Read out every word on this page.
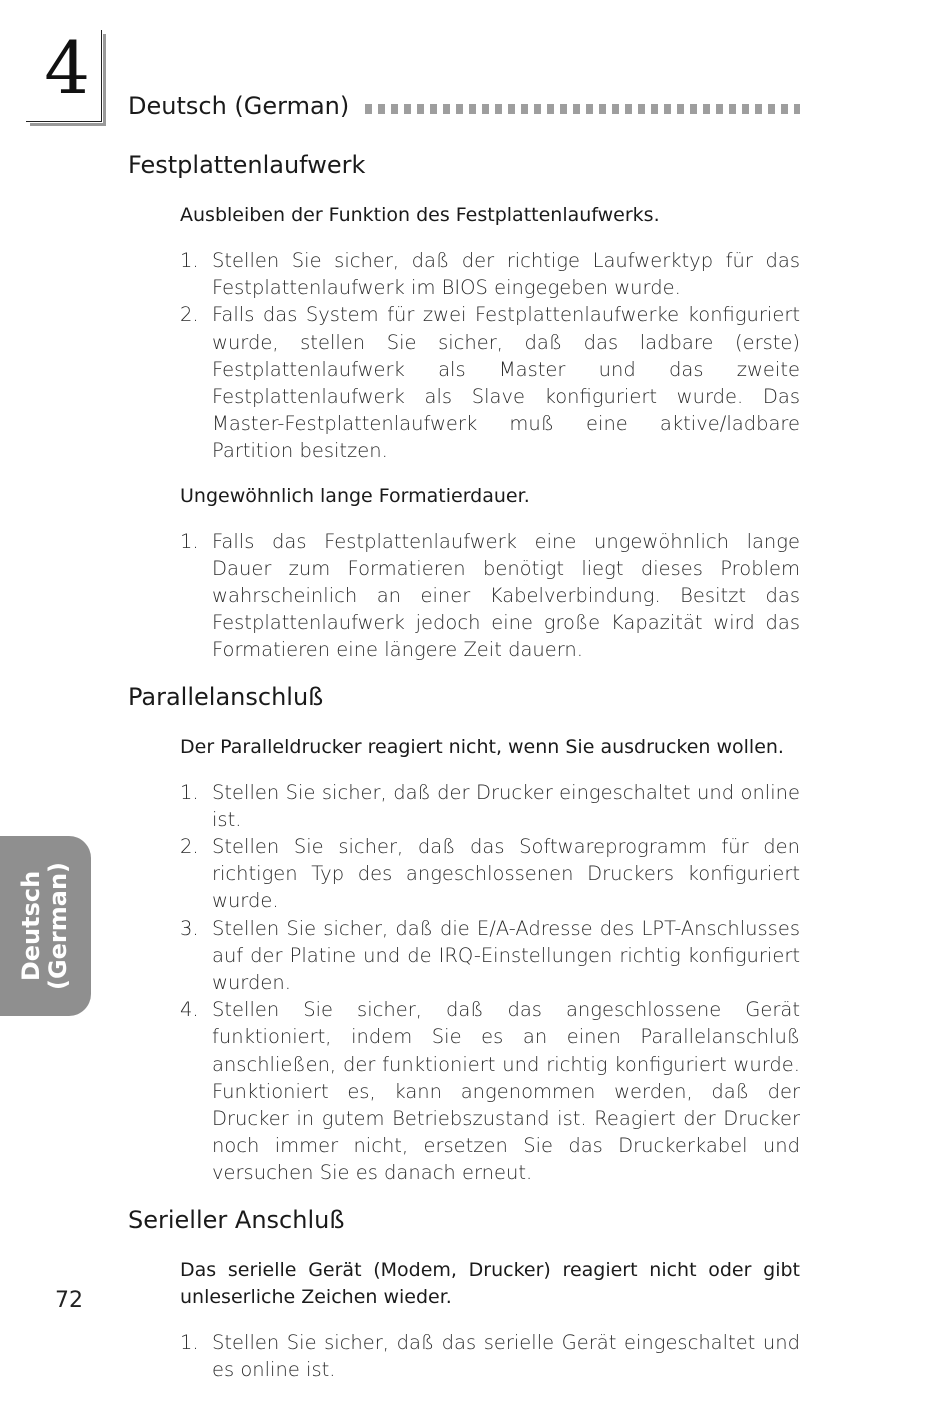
4 Deutsch (German)
Festplattenlaufwerk
Ausbleiben der Funktion des Festplattenlaufwerks.
1. Stellen Sie sicher, daß der richtige Laufwerktyp für das Festplattenlaufwerk im BIOS eingegeben wurde.
2. Falls das System für zwei Festplattenlaufwerke konfiguriert wurde, stellen Sie sicher, daß das ladbare (erste) Festplattenlaufwerk als Master und das zweite Festplattenlaufwerk als Slave konfiguriert wurde. Das Master-Festplattenlaufwerk muß eine aktive/ladbare Partition besitzen.
Ungewöhnlich lange Formatierdauer.
1. Falls das Festplattenlaufwerk eine ungewöhnlich lange Dauer zum Formatieren benötigt liegt dieses Problem wahrscheinlich an einer Kabelverbindung. Besitzt das Festplattenlaufwerk jedoch eine große Kapazität wird das Formatieren eine längere Zeit dauern.
Parallelanschluß
Der Paralleldrucker reagiert nicht, wenn Sie ausdrucken wollen.
1. Stellen Sie sicher, daß der Drucker eingeschaltet und online ist.
2. Stellen Sie sicher, daß das Softwareprogramm für den richtigen Typ des angeschlossenen Druckers konfiguriert wurde.
3. Stellen Sie sicher, daß die E/A-Adresse des LPT-Anschlusses auf der Platine und de IRQ-Einstellungen richtig konfiguriert wurden.
4. Stellen Sie sicher, daß das angeschlossene Gerät funktioniert, indem Sie es an einen Parallelanschluß anschließen, der funktioniert und richtig konfiguriert wurde. Funktioniert es, kann angenommen werden, daß der Drucker in gutem Betriebszustand ist. Reagiert der Drucker noch immer nicht, ersetzen Sie das Druckerkabel und versuchen Sie es danach erneut.
Serieller Anschluß
Das serielle Gerät (Modem, Drucker) reagiert nicht oder gibt unleserliche Zeichen wieder.
1. Stellen Sie sicher, daß das serielle Gerät eingeschaltet und es online ist.
Deutsch (German)
72
